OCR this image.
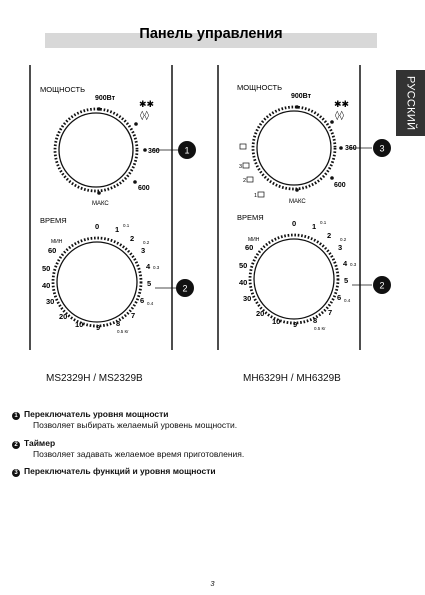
Панель управления
РУССКИЙ
МОЩНОСТЬ
900Вт
✱✱
◊◊
360
600
МАКС
1
ВРЕМЯ
МИН
0 1
2
3
4
5
6
7
8
9
10
20
30
40
50
60
0.1
0.2
0.3
0.4
0.5 Кг
2
МОЩНОСТЬ
900Вт
✱✱
◊◊
360
600
МАКС
3
2
1
3
ВРЕМЯ
МИН
0 1
2
3
4
5
6
7
8
9
10
20
30
40
50
60
0.1
0.2
0.3
0.4
0.5 Кг
2
MS2329H / MS2329B	MH6329H / MH6329B
1 Переключатель уровня мощности
Позволяет выбирать желаемый уровень мощности.
2 Таймер
Позволяет задавать желаемое время приготовления.
3 Переключатель функций и уровня мощности
3
